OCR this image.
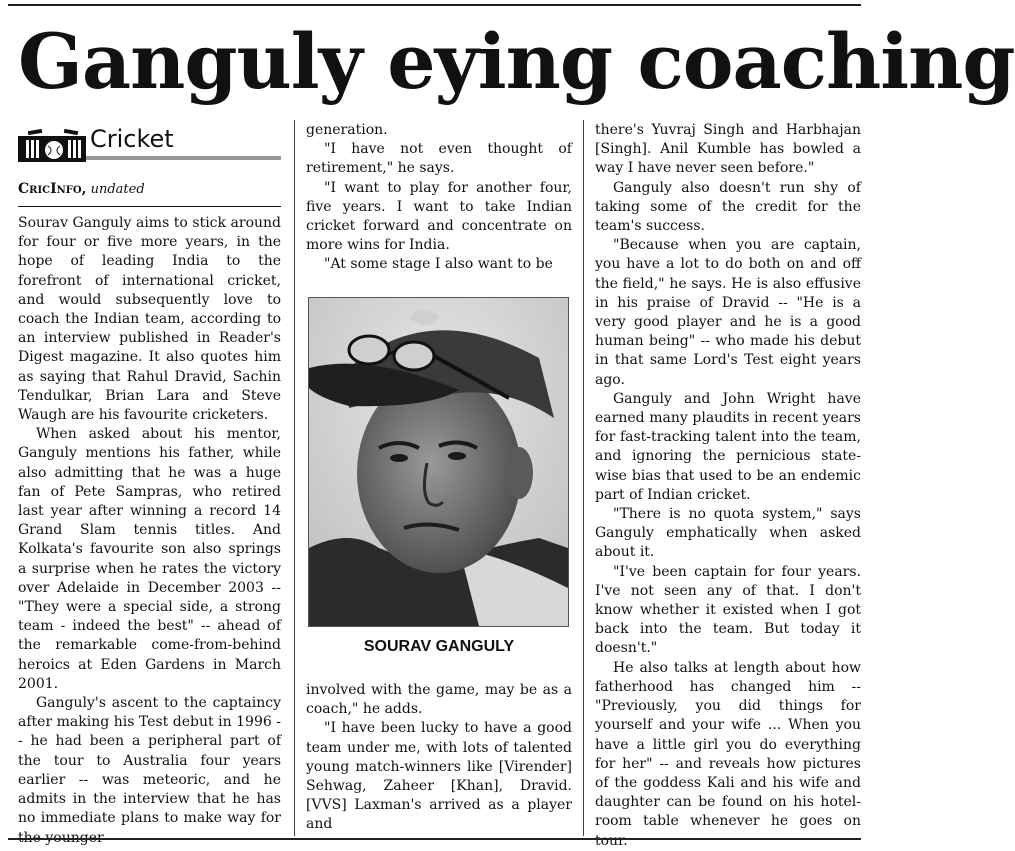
Ganguly eying coaching
Cricket
CricInfo, undated

Sourav Ganguly aims to stick around for four or five more years, in the hope of leading India to the forefront of international cricket, and would subsequently love to coach the Indian team, according to an interview published in Reader's Digest magazine. It also quotes him as saying that Rahul Dravid, Sachin Tendulkar, Brian Lara and Steve Waugh are his favourite cricketers.

When asked about his mentor, Ganguly mentions his father, while also admitting that he was a huge fan of Pete Sampras, who retired last year after winning a record 14 Grand Slam tennis titles. And Kolkata's favourite son also springs a surprise when he rates the victory over Adelaide in December 2003 -- "They were a special side, a strong team - indeed the best" -- ahead of the remarkable come-from-behind heroics at Eden Gardens in March 2001.

Ganguly's ascent to the captaincy after making his Test debut in 1996 -- he had been a peripheral part of the tour to Australia four years earlier -- was meteoric, and he admits in the interview that he has no immediate plans to make way for the younger

generation.

"I have not even thought of retirement," he says.

"I want to play for another four, five years. I want to take Indian cricket forward and concentrate on more wins for India.

"At some stage I also want to be

SOURAV GANGULY

involved with the game, may be as a coach," he adds.

"I have been lucky to have a good team under me, with lots of talented young match-winners like [Virender] Sehwag, Zaheer [Khan], Dravid. [VVS] Laxman's arrived as a player and

there's Yuvraj Singh and Harbhajan [Singh]. Anil Kumble has bowled a way I have never seen before."

Ganguly also doesn't run shy of taking some of the credit for the team's success.

"Because when you are captain, you have a lot to do both on and off the field," he says. He is also effusive in his praise of Dravid -- "He is a very good player and he is a good human being" -- who made his debut in that same Lord's Test eight years ago.

Ganguly and John Wright have earned many plaudits in recent years for fast-tracking talent into the team, and ignoring the pernicious state-wise bias that used to be an endemic part of Indian cricket.

"There is no quota system," says Ganguly emphatically when asked about it.

"I've been captain for four years. I've not seen any of that. I don't know whether it existed when I got back into the team. But today it doesn't."

He also talks at length about how fatherhood has changed him -- "Previously, you did things for yourself and your wife ... When you have a little girl you do everything for her" -- and reveals how pictures of the goddess Kali and his wife and daughter can be found on his hotel-room table whenever he goes on tour.
